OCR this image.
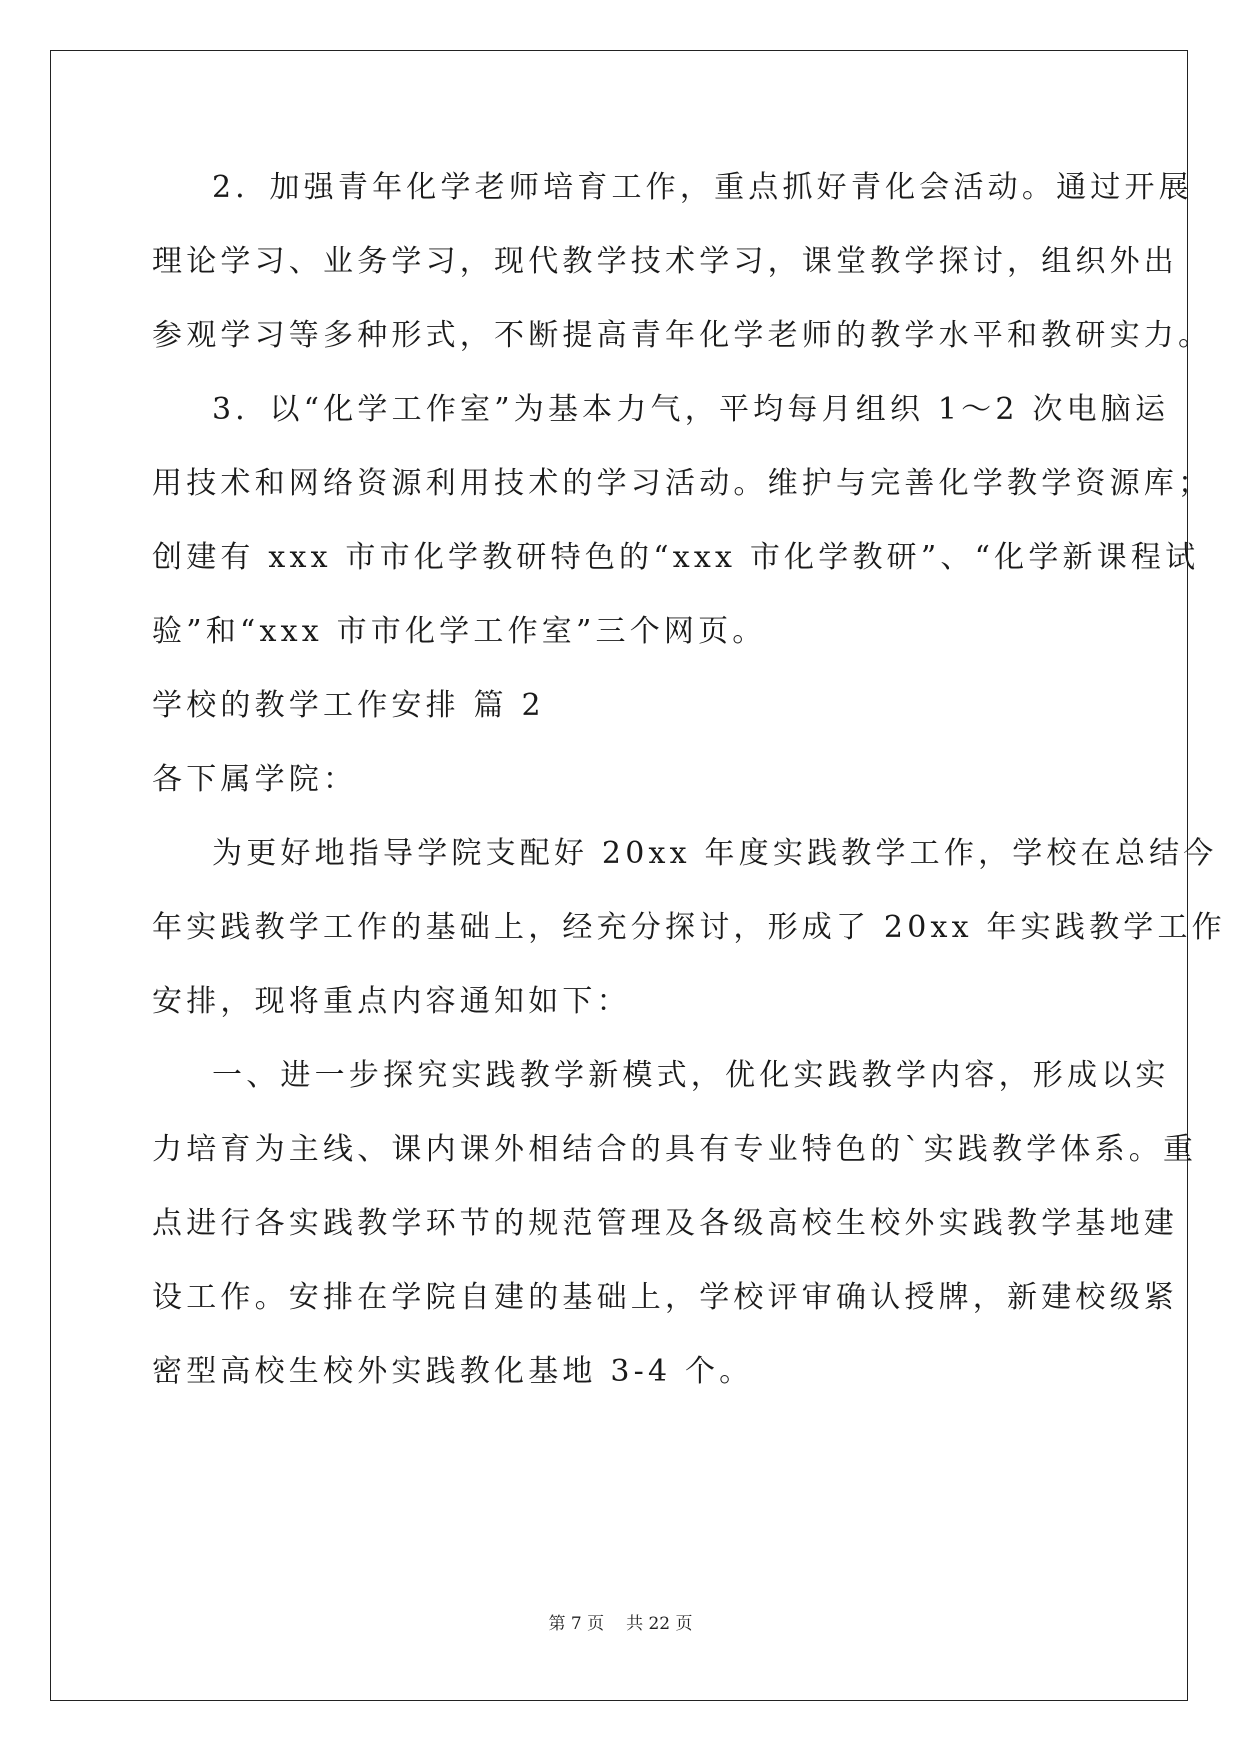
2．加强青年化学老师培育工作，重点抓好青化会活动。通过开展
理论学习、业务学习，现代教学技术学习，课堂教学探讨，组织外出
参观学习等多种形式，不断提高青年化学老师的教学水平和教研实力。
3．以“化学工作室”为基本力气，平均每月组织 1～2 次电脑运
用技术和网络资源利用技术的学习活动。维护与完善化学教学资源库；
创建有 xxx 市市化学教研特色的“xxx 市化学教研”、“化学新课程试
验”和“xxx 市市化学工作室”三个网页。
学校的教学工作安排 篇 2
各下属学院：
为更好地指导学院支配好 20xx 年度实践教学工作，学校在总结今
年实践教学工作的基础上，经充分探讨，形成了 20xx 年实践教学工作
安排，现将重点内容通知如下：
一、进一步探究实践教学新模式，优化实践教学内容，形成以实
力培育为主线、课内课外相结合的具有专业特色的`实践教学体系。重
点进行各实践教学环节的规范管理及各级高校生校外实践教学基地建
设工作。安排在学院自建的基础上，学校评审确认授牌，新建校级紧
密型高校生校外实践教化基地 3-4 个。
第 7 页 共 22 页
